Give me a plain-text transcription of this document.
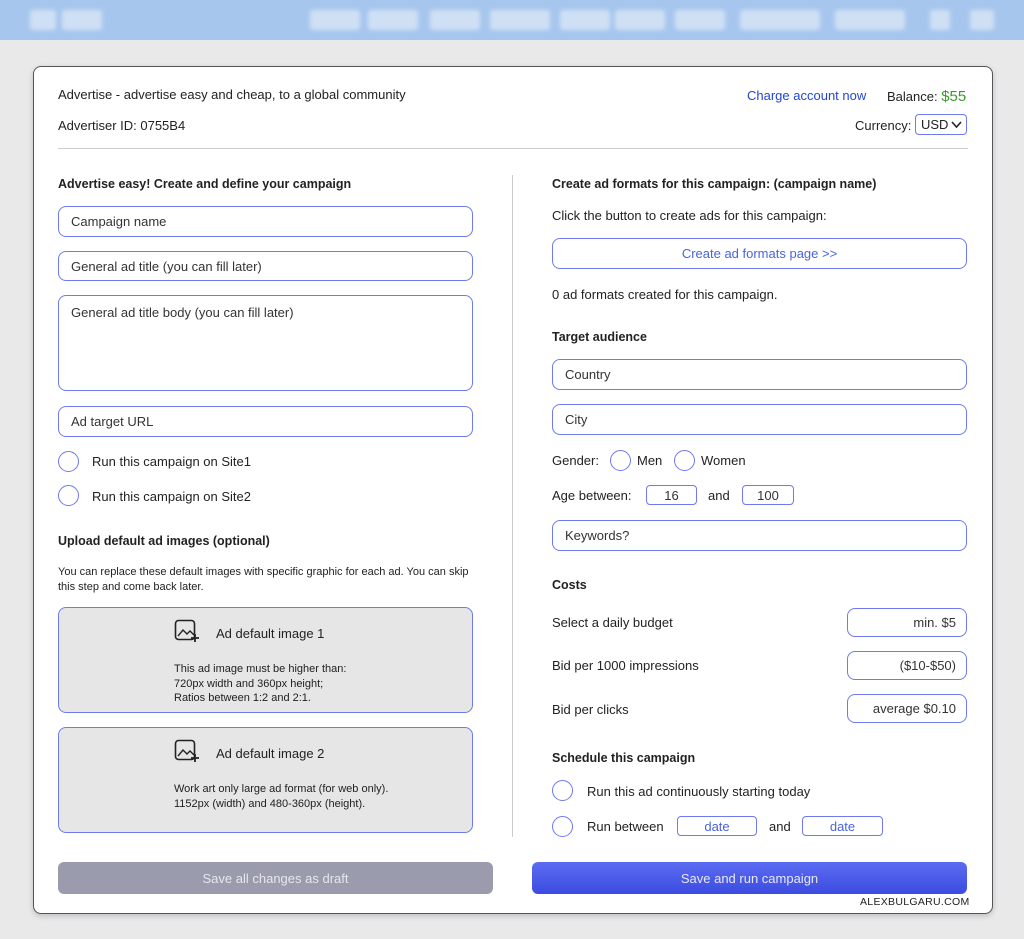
Advertise - advertise easy and cheap, to a global community
Advertiser ID: 0755B4
Charge account now Balance: $55
Currency: USD
Advertise easy! Create and define your campaign
Campaign name
General ad title (you can fill later)
General ad title body (you can fill later)
Ad target URL
Run this campaign on Site1
Run this campaign on Site2
Upload default ad images (optional)
You can replace these default images with specific graphic for each ad. You can skip this step and come back later.
Ad default image 1
This ad image must be higher than:
720px width and 360px height;
Ratios between 1:2 and 2:1.
Ad default image 2
Work art only large ad format (for web only).
1152px (width) and 480-360px (height).
Create ad formats for this campaign: (campaign name)
Click the button to create ads for this campaign:
Create ad formats page >>
0 ad formats created for this campaign.
Target audience
Country
City
Gender:	Men	Women
Age between:	16	and	100
Keywords?
Costs
Select a daily budget	min. $5
Bid per 1000 impressions	($10-$50)
Bid per clicks	average $0.10
Schedule this campaign
Run this ad continuously starting today
Run between	date	and	date
Save all changes as draft	Save and run campaign
ALEXBULGARU.COM
